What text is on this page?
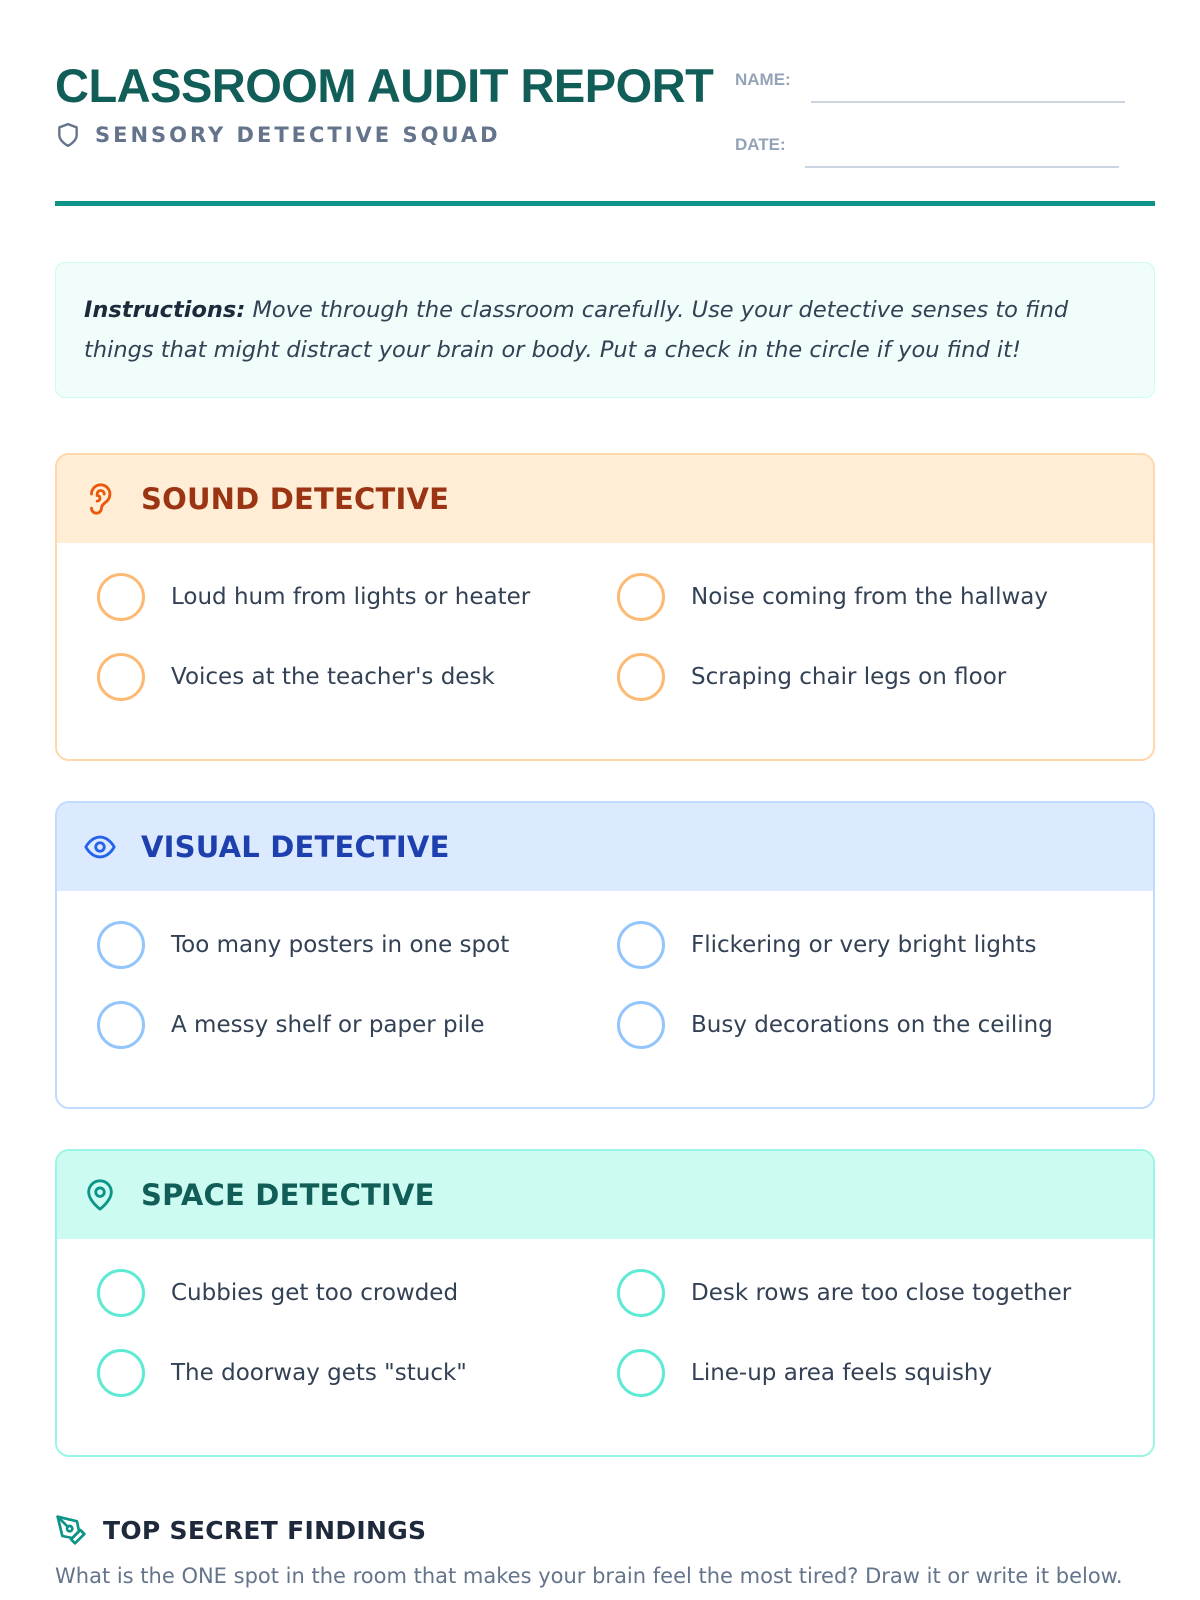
CLASSROOM AUDIT REPORT
SENSORY DETECTIVE SQUAD
NAME:
DATE:
Instructions: Move through the classroom carefully. Use your detective senses to find things that might distract your brain or body. Put a check in the circle if you find it!
SOUND DETECTIVE
Loud hum from lights or heater	Noise coming from the hallway
Voices at the teacher's desk	Scraping chair legs on floor
VISUAL DETECTIVE
Too many posters in one spot	Flickering or very bright lights
A messy shelf or paper pile	Busy decorations on the ceiling
SPACE DETECTIVE
Cubbies get too crowded	Desk rows are too close together
The doorway gets "stuck"	Line-up area feels squishy
TOP SECRET FINDINGS
What is the ONE spot in the room that makes your brain feel the most tired? Draw it or write it below.
